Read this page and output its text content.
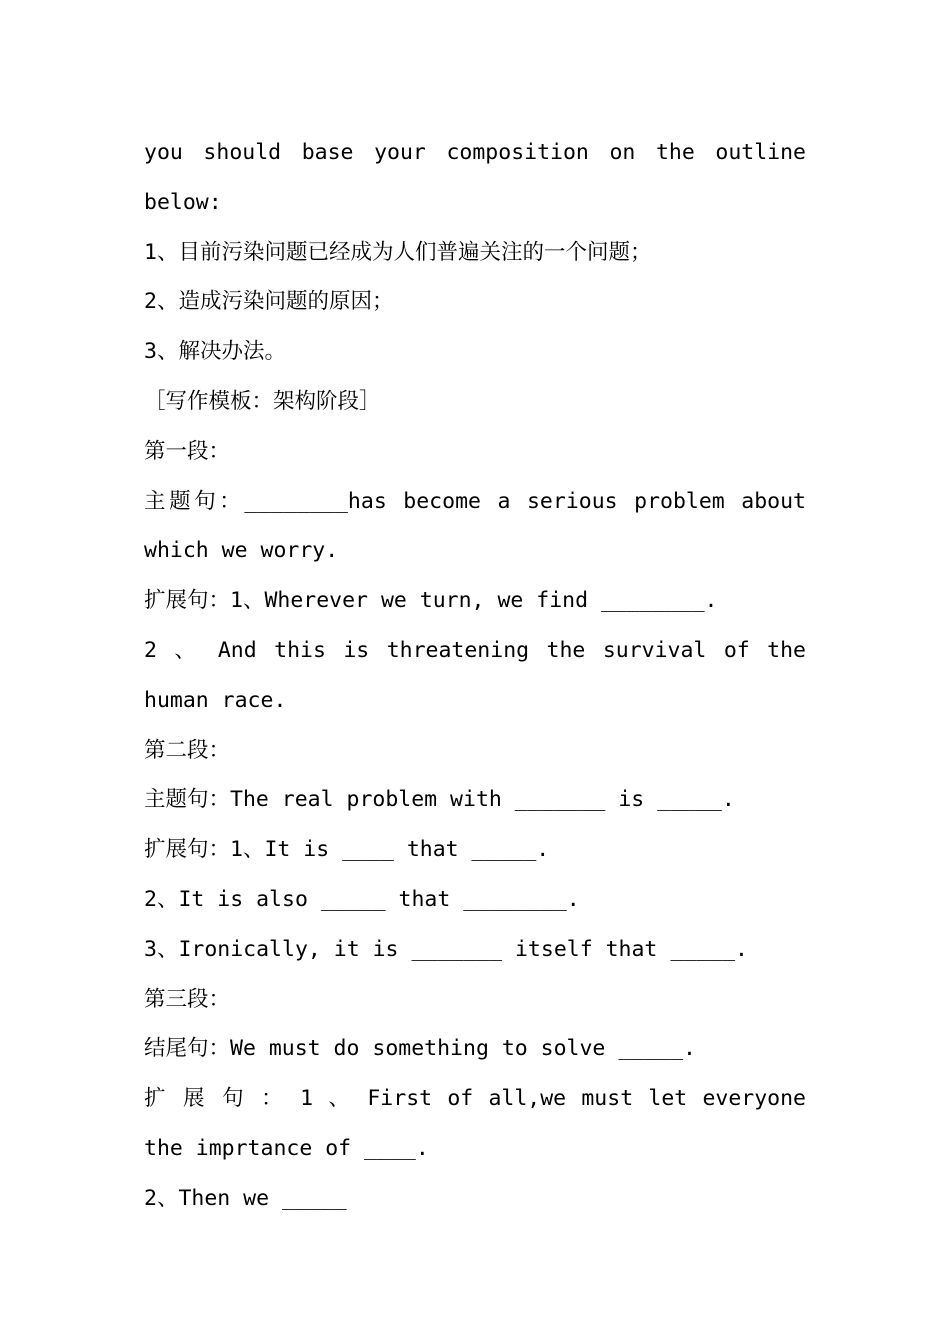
you should base your composition on the outline
below:
1、目前污染问题已经成为人们普遍关注的一个问题；
2、造成污染问题的原因；
3、解决办法。
［写作模板：架构阶段］
第一段：
主题句：________has become a serious problem about
which we worry.
扩展句：1、Wherever we turn, we find ________.
2 、 And this is threatening the survival of the
human race.
第二段：
主题句：The real problem with _______ is _____.
扩展句：1、It is ____ that _____.
2、It is also _____ that ________.
3、Ironically, it is _______ itself that _____.
第三段：
结尾句：We must do something to solve _____.
扩 展 句 ： 1 、 First of all,we must let everyone
the imprtance of ____.
2、Then we _____
